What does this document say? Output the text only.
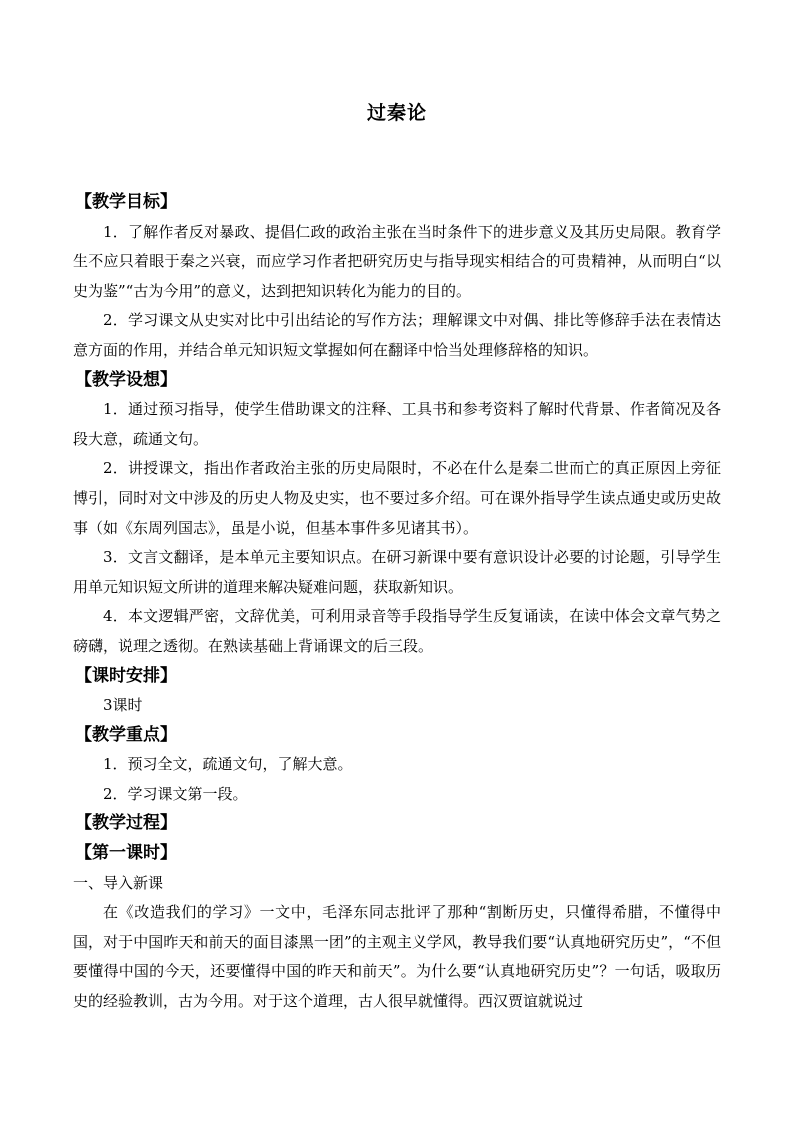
过秦论
【教学目标】
1．了解作者反对暴政、提倡仁政的政治主张在当时条件下的进步意义及其历史局限。教育学生不应只着眼于秦之兴衰，而应学习作者把研究历史与指导现实相结合的可贵精神，从而明白“以史为鉴”“古为今用”的意义，达到把知识转化为能力的目的。
2．学习课文从史实对比中引出结论的写作方法；理解课文中对偶、排比等修辞手法在表情达意方面的作用，并结合单元知识短文掌握如何在翻译中恰当处理修辞格的知识。
【教学设想】
1．通过预习指导，使学生借助课文的注释、工具书和参考资料了解时代背景、作者简况及各段大意，疏通文句。
2．讲授课文，指出作者政治主张的历史局限时，不必在什么是秦二世而亡的真正原因上旁征博引，同时对文中涉及的历史人物及史实，也不要过多介绍。可在课外指导学生读点通史或历史故事（如《东周列国志》，虽是小说，但基本事件多见诸其书）。
3．文言文翻译，是本单元主要知识点。在研习新课中要有意识设计必要的讨论题，引导学生用单元知识短文所讲的道理来解决疑难问题，获取新知识。
4．本文逻辑严密，文辞优美，可利用录音等手段指导学生反复诵读，在读中体会文章气势之磅礴，说理之透彻。在熟读基础上背诵课文的后三段。
【课时安排】
3课时
【教学重点】
1．预习全文，疏通文句，了解大意。
2．学习课文第一段。
【教学过程】
【第一课时】
一、导入新课
在《改造我们的学习》一文中，毛泽东同志批评了那种“割断历史，只懂得希腊，不懂得中国，对于中国昨天和前天的面目漆黑一团”的主观主义学风，教导我们要“认真地研究历史”，“不但要懂得中国的今天，还要懂得中国的昨天和前天”。为什么要“认真地研究历史”？一句话，吸取历史的经验教训，古为今用。对于这个道理，古人很早就懂得。西汉贾谊就说过
